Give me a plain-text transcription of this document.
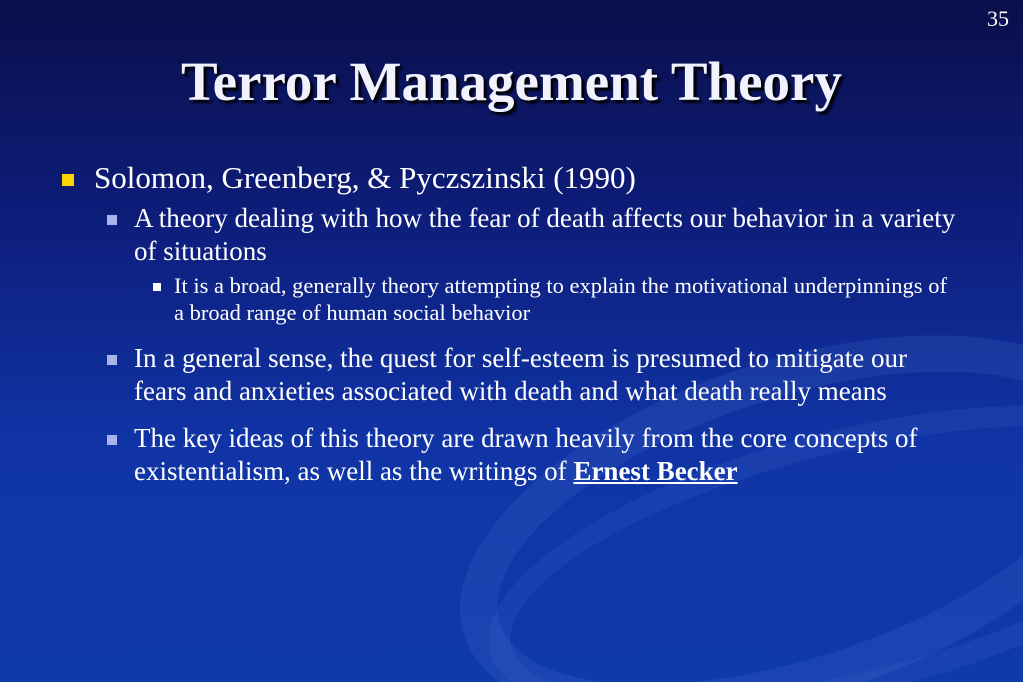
35
Terror Management Theory
Solomon, Greenberg, & Pyczszinski (1990)
A theory dealing with how the fear of death affects our behavior in a variety of situations
It is a broad, generally theory attempting to explain the motivational underpinnings of a broad range of human social behavior
In a general sense, the quest for self-esteem is presumed to mitigate our fears and anxieties associated with death and what death really means
The key ideas of this theory are drawn heavily from the core concepts of existentialism, as well as the writings of Ernest Becker
